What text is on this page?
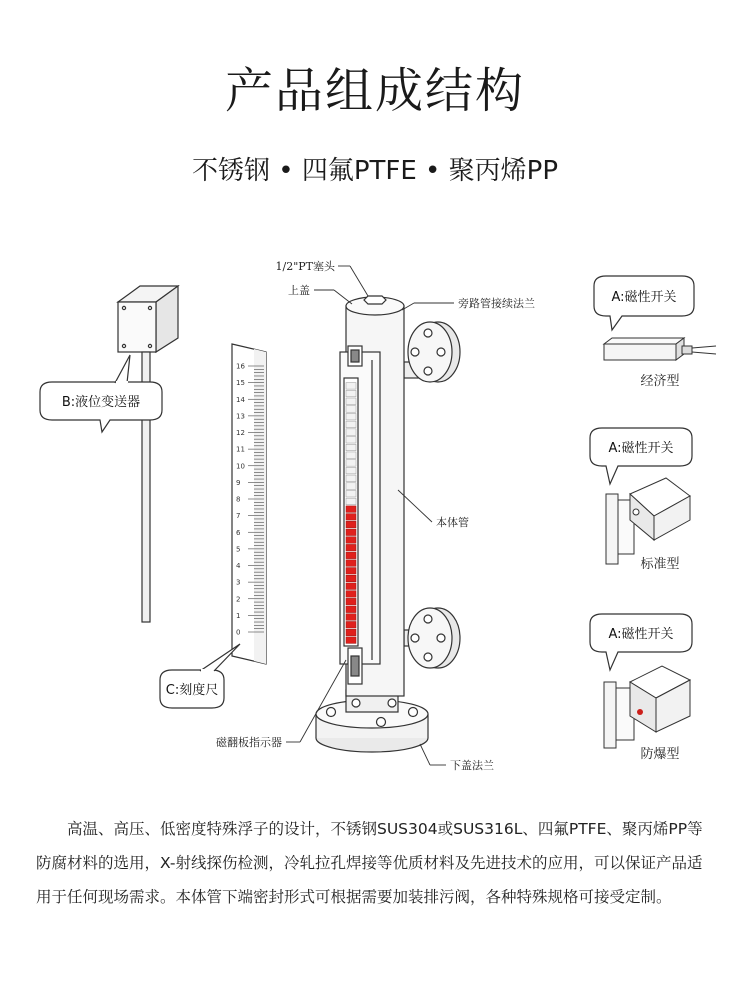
产品组成结构
不锈钢 • 四氟PTFE • 聚丙烯PP
B:液位变送器
16
15
14
13
12
11
10
9
8
7
6
5
4
3
2
1
0
C:刻度尺
1/2"PT塞头
上盖
旁路管接续法兰
本体管
磁翻板指示器
下盖法兰
A:磁性开关
经济型
A:磁性开关
标准型
A:磁性开关
防爆型

高温、高压、低密度特殊浮子的设计，不锈钢SUS304或SUS316L、四氟PTFE、聚丙烯PP等防腐材料的选用，X-射线探伤检测，冷轧拉孔焊接等优质材料及先进技术的应用，可以保证产品适用于任何现场需求。本体管下端密封形式可根据需要加装排污阀，各种特殊规格可接受定制。
